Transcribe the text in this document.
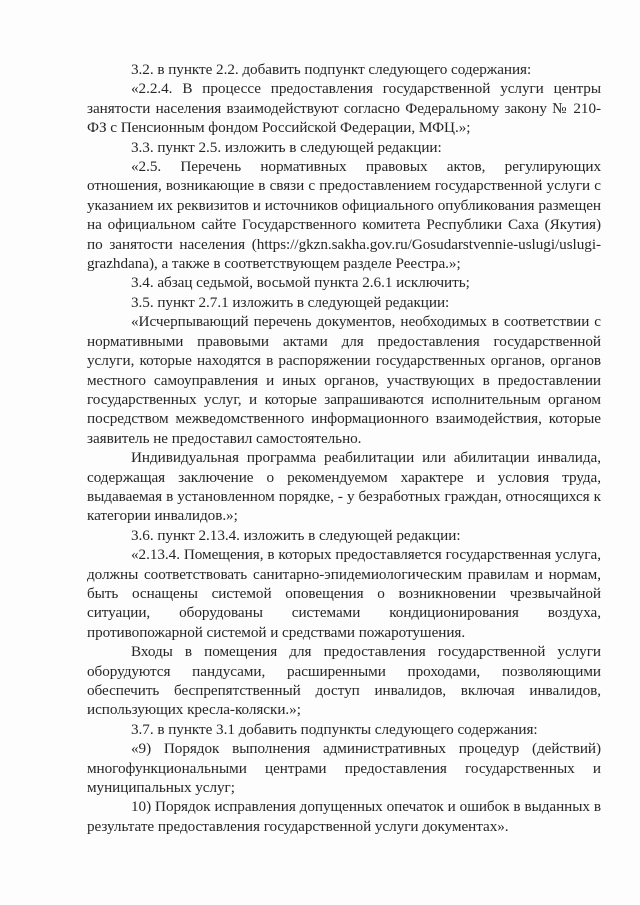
3.2. в пункте 2.2. добавить подпункт следующего содержания:

«2.2.4. В процессе предоставления государственной услуги центры занятости населения взаимодействуют согласно Федеральному закону № 210-ФЗ с Пенсионным фондом Российской Федерации, МФЦ.»;

3.3. пункт 2.5. изложить в следующей редакции:

«2.5. Перечень нормативных правовых актов, регулирующих отношения, возникающие в связи с предоставлением государственной услуги с указанием их реквизитов и источников официального опубликования размещен на официальном сайте Государственного комитета Республики Саха (Якутия) по занятости населения (https://gkzn.sakha.gov.ru/Gosudarstvennie-uslugi/uslugi-grazhdana), а также в соответствующем разделе Реестра.»;

3.4. абзац седьмой, восьмой пункта 2.6.1 исключить;

3.5. пункт 2.7.1 изложить в следующей редакции:

«Исчерпывающий перечень документов, необходимых в соответствии с нормативными правовыми актами для предоставления государственной услуги, которые находятся в распоряжении государственных органов, органов местного самоуправления и иных органов, участвующих в предоставлении государственных услуг, и которые запрашиваются исполнительным органом посредством межведомственного информационного взаимодействия, которые заявитель не предоставил самостоятельно.

Индивидуальная программа реабилитации или абилитации инвалида, содержащая заключение о рекомендуемом характере и условия труда, выдаваемая в установленном порядке, - у безработных граждан, относящихся к категории инвалидов.»;

3.6. пункт 2.13.4. изложить в следующей редакции:

«2.13.4. Помещения, в которых предоставляется государственная услуга, должны соответствовать санитарно-эпидемиологическим правилам и нормам, быть оснащены системой оповещения о возникновении чрезвычайной ситуации, оборудованы системами кондиционирования воздуха, противопожарной системой и средствами пожаротушения.

Входы в помещения для предоставления государственной услуги оборудуются пандусами, расширенными проходами, позволяющими обеспечить беспрепятственный доступ инвалидов, включая инвалидов, использующих кресла-коляски.»;

3.7. в пункте 3.1 добавить подпункты следующего содержания:

«9) Порядок выполнения административных процедур (действий) многофункциональными центрами предоставления государственных и муниципальных услуг;

10) Порядок исправления допущенных опечаток и ошибок в выданных в результате предоставления государственной услуги документах».
